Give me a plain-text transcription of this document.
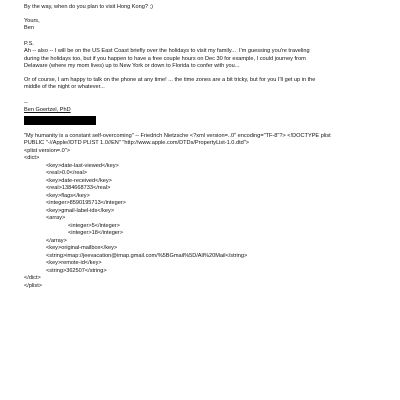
By the way, when do you plan to visit Hong Kong? ;)
Yours,
Ben
P.S.
Ah -- also -- I will be on the US East Coast briefly over the holidays to visit my family...  I'm guessing you're traveling
during the holidays too, but if you happen to have a free couple hours on Dec 30 for example, I could journey from
Delaware (where my mom lives) up to New York or down to Florida to confer with you...
Or of course, I am happy to talk on the phone at any time! ... the time zones are a bit tricky, but for you I'll get up in the
middle of the night or whatever...
--
Ben Goertzel, PhD
"My humanity is a constant self-overcoming" -- Friedrich Nietzsche <?xml version=..0" encoding="TF-8"?> <!DOCTYPE plist
PUBLIC "-//Apple//DTD PLIST 1.0//EN" "http://www.apple.com/DTDs/PropertyList-1.0.dtd">
<plist version=.0">
<dict>
<key>date-last-viewed</key>
<real>0.0</real>
<key>date-received</key>
<real>1384668733</real>
<key>flags</key>
<integer>8590195713</integer>
<key>gmail-label-ids</key>
<array>
<integer>5</integer>
<integer>18</integer>
</array>
<key>original-mailbox</key>
<string>imap://jeevacation@imap.gmail.com/%5BGmail%5D/All%20Mail</string>
<key>remote-id</key>
<string>362507</string>
</dict>
</plist>
